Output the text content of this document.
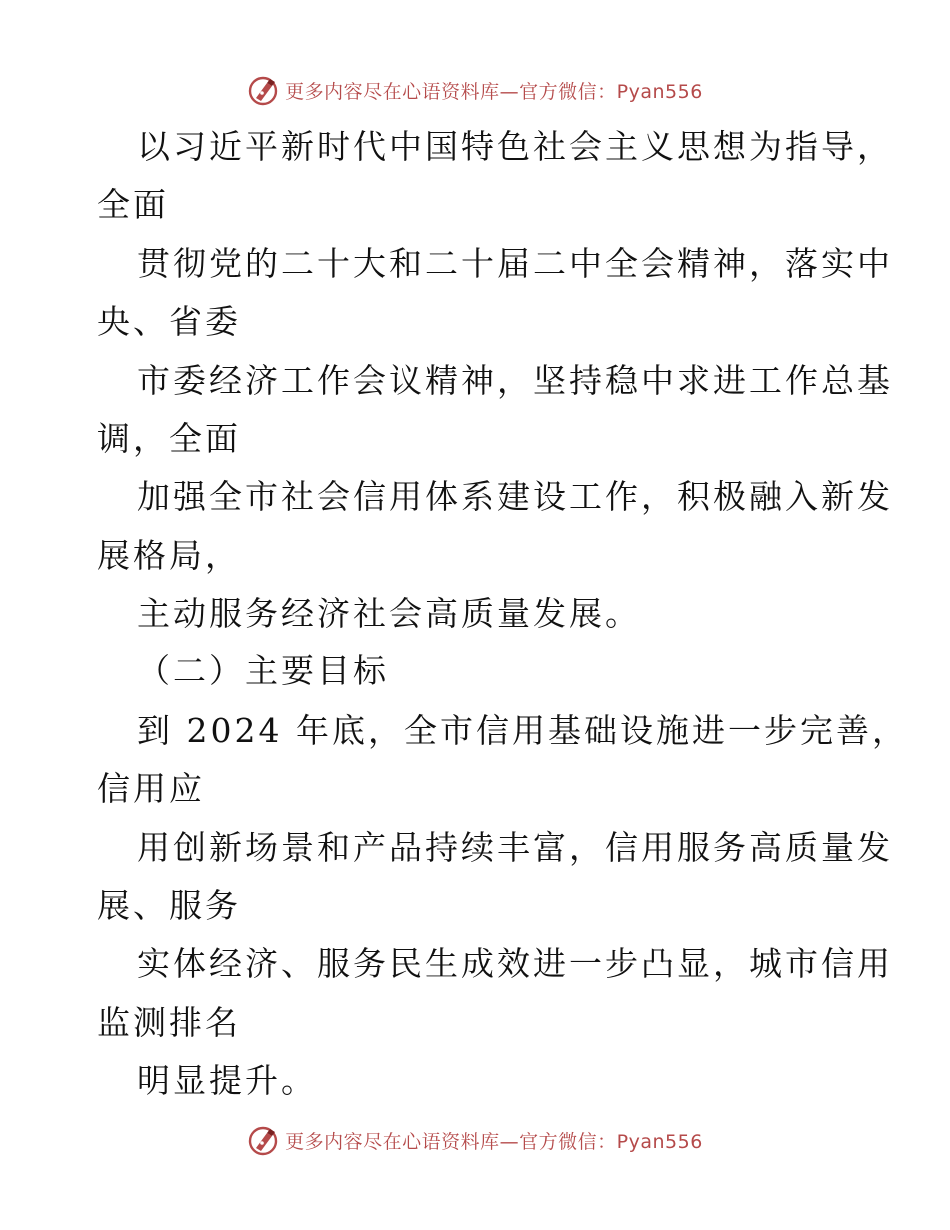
更多内容尽在心语资料库—官方微信：Pyan556
以习近平新时代中国特色社会主义思想为指导，
全面
贯彻党的二十大和二十届二中全会精神，落实中
央、省委
市委经济工作会议精神，坚持稳中求进工作总基
调，全面
加强全市社会信用体系建设工作，积极融入新发
展格局，
主动服务经济社会高质量发展。
（二）主要目标
到 2024 年底，全市信用基础设施进一步完善，
信用应
用创新场景和产品持续丰富，信用服务高质量发
展、服务
实体经济、服务民生成效进一步凸显，城市信用
监测排名
明显提升。
更多内容尽在心语资料库—官方微信：Pyan556
